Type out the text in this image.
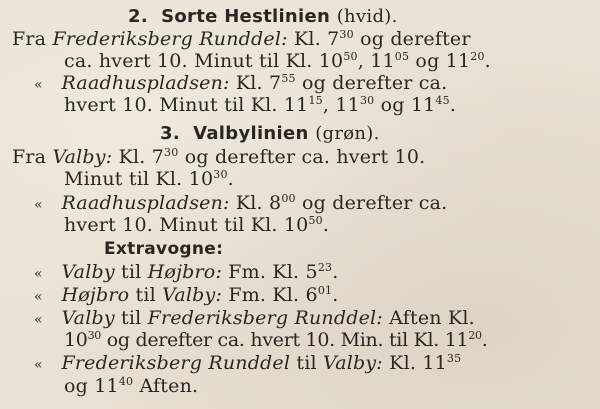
2. Sorte Hestlinien (hvid).
Fra Frederiksberg Runddel: Kl. $7^{30}$ og derefter
ca. hvert 10. Minut til Kl. $10^{50}$, $11^{05}$ og $11^{20}$.
« Raadhuspladsen: Kl. $7^{55}$ og derefter ca.
hvert 10. Minut til Kl. $11^{15}$, $11^{30}$ og $11^{45}$.
3. Valbylinien (grøn).
Fra Valby: Kl. $7^{30}$ og derefter ca. hvert 10.
Minut til Kl. $10^{30}$.
« Raadhuspladsen: Kl. $8^{00}$ og derefter ca.
hvert 10. Minut til Kl. $10^{50}$.
Extravogne:
« Valby til Højbro: Fm. Kl. $5^{23}$.
« Højbro til Valby: Fm. Kl. $6^{01}$.
« Valby til Frederiksberg Runddel: Aften Kl.
$10^{30}$ og derefter ca. hvert 10. Min. til Kl. $11^{20}$.
« Frederiksberg Runddel til Valby: Kl. $11^{35}$
og $11^{40}$ Aften.
